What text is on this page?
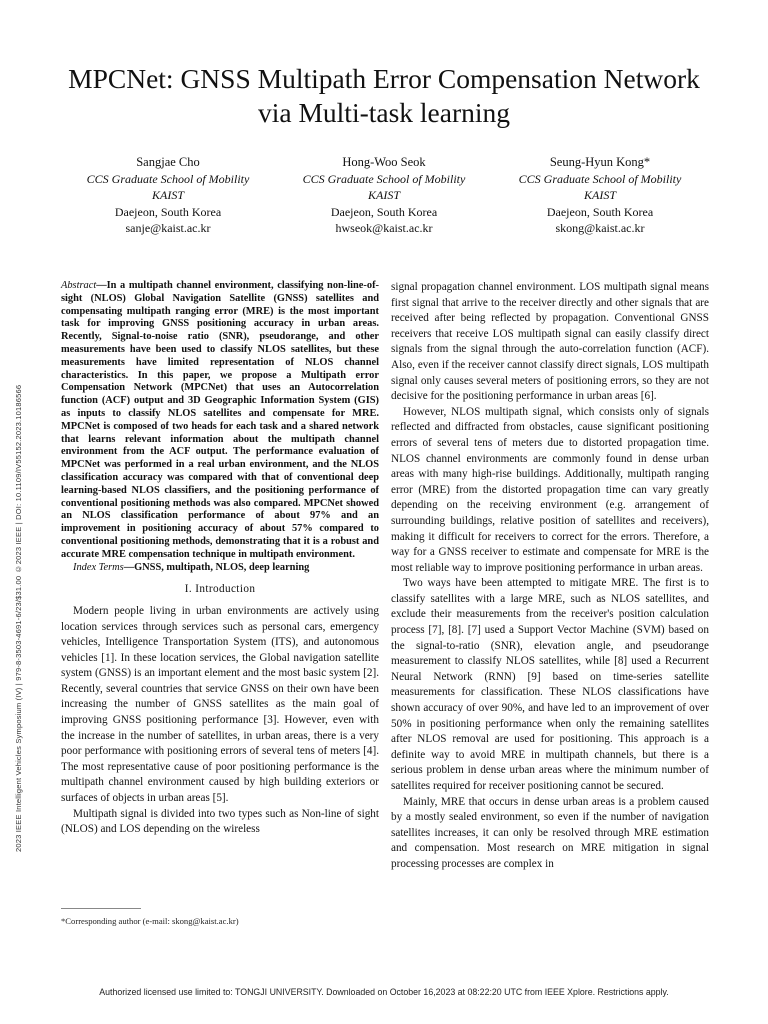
2023 IEEE Intelligent Vehicles Symposium (IV) | 979-8-3503-4691-6/23/$31.00 ©2023 IEEE | DOI: 10.1109/IV55152.2023.10186566
MPCNet: GNSS Multipath Error Compensation Network via Multi-task learning
Sangjae Cho
CCS Graduate School of Mobility
KAIST
Daejeon, South Korea
sanje@kaist.ac.kr
Hong-Woo Seok
CCS Graduate School of Mobility
KAIST
Daejeon, South Korea
hwseok@kaist.ac.kr
Seung-Hyun Kong*
CCS Graduate School of Mobility
KAIST
Daejeon, South Korea
skong@kaist.ac.kr

Abstract—In a multipath channel environment, classifying non-line-of-sight (NLOS) Global Navigation Satellite (GNSS) satellites and compensating multipath ranging error (MRE) is the most important task for improving GNSS positioning accuracy in urban areas. Recently, Signal-to-noise ratio (SNR), pseudorange, and other measurements have been used to classify NLOS satellites, but these measurements have limited representation of NLOS channel characteristics. In this paper, we propose a Multipath error Compensation Network (MPCNet) that uses an Autocorrelation function (ACF) output and 3D Geographic Information System (GIS) as inputs to classify NLOS satellites and compensate for MRE. MPCNet is composed of two heads for each task and a shared network that learns relevant information about the multipath channel environment from the ACF output. The performance evaluation of MPCNet was performed in a real urban environment, and the NLOS classification accuracy was compared with that of conventional deep learning-based NLOS classifiers, and the positioning performance of conventional positioning methods was also compared. MPCNet showed an NLOS classification performance of about 97% and an improvement in positioning accuracy of about 57% compared to conventional positioning methods, demonstrating that it is a robust and accurate MRE compensation technique in multipath environment.

Index Terms—GNSS, multipath, NLOS, deep learning

I. Introduction

Modern people living in urban environments are actively using location services through services such as personal cars, emergency vehicles, Intelligence Transportation System (ITS), and autonomous vehicles [1]. In these location services, the Global navigation satellite system (GNSS) is an important element and the most basic system [2]. Recently, several countries that service GNSS on their own have been increasing the number of GNSS satellites as the main goal of improving GNSS positioning performance [3]. However, even with the increase in the number of satellites, in urban areas, there is a very poor performance with positioning errors of several tens of meters [4]. The most representative cause of poor positioning performance is the multipath channel environment caused by high building exteriors or surfaces of objects in urban areas [5].

Multipath signal is divided into two types such as Non-line of sight (NLOS) and LOS depending on the wireless

signal propagation channel environment. LOS multipath signal means first signal that arrive to the receiver directly and other signals that are received after being reflected by propagation. Conventional GNSS receivers that receive LOS multipath signal can easily classify direct signals from the signal through the auto-correlation function (ACF). Also, even if the receiver cannot classify direct signals, LOS multipath signal only causes several meters of positioning errors, so they are not decisive for the positioning performance in urban areas [6].

However, NLOS multipath signal, which consists only of signals reflected and diffracted from obstacles, cause significant positioning errors of several tens of meters due to distorted propagation time. NLOS channel environments are commonly found in dense urban areas with many high-rise buildings. Additionally, multipath ranging error (MRE) from the distorted propagation time can vary greatly depending on the receiving environment (e.g. arrangement of surrounding buildings, relative position of satellites and receivers), making it difficult for receivers to correct for the errors. Therefore, a way for a GNSS receiver to estimate and compensate for MRE is the most reliable way to improve positioning performance in urban areas.

Two ways have been attempted to mitigate MRE. The first is to classify satellites with a large MRE, such as NLOS satellites, and exclude their measurements from the receiver's position calculation process [7], [8]. [7] used a Support Vector Machine (SVM) based on the signal-to-ratio (SNR), elevation angle, and pseudorange measurement to classify NLOS satellites, while [8] used a Recurrent Neural Network (RNN) [9] based on time-series satellite measurements for classification. These NLOS classifications have shown accuracy of over 90%, and have led to an improvement of over 50% in positioning performance when only the remaining satellites after NLOS removal are used for positioning. This approach is a definite way to avoid MRE in multipath channels, but there is a serious problem in dense urban areas where the minimum number of satellites required for receiver positioning cannot be secured.

Mainly, MRE that occurs in dense urban areas is a problem caused by a mostly sealed environment, so even if the number of navigation satellites increases, it can only be resolved through MRE estimation and compensation. Most research on MRE mitigation in signal processing processes are complex in

*Corresponding author (e-mail: skong@kaist.ac.kr)
Authorized licensed use limited to: TONGJI UNIVERSITY. Downloaded on October 16,2023 at 08:22:20 UTC from IEEE Xplore. Restrictions apply.
